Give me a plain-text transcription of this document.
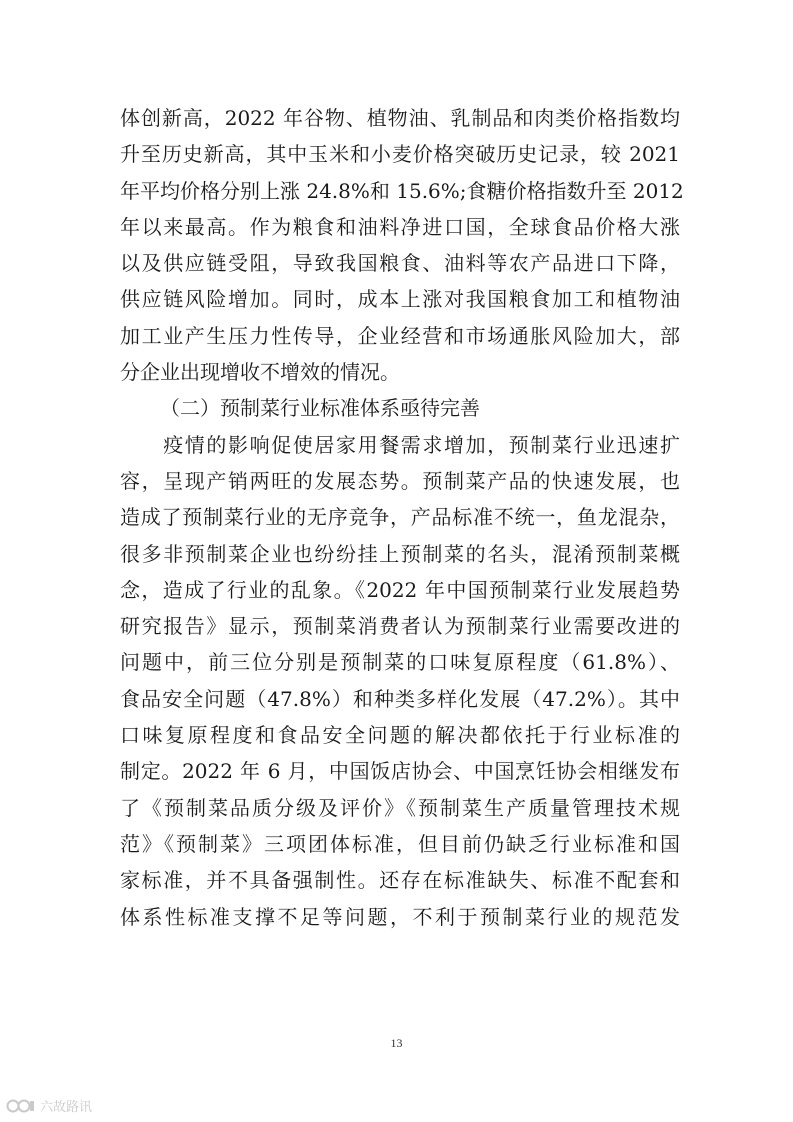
体创新高，2022 年谷物、植物油、乳制品和肉类价格指数均
升至历史新高，其中玉米和小麦价格突破历史记录，较 2021
年平均价格分别上涨 24.8%和 15.6%;食糖价格指数升至 2012
年以来最高。作为粮食和油料净进口国，全球食品价格大涨
以及供应链受阻，导致我国粮食、油料等农产品进口下降，
供应链风险增加。同时，成本上涨对我国粮食加工和植物油
加工业产生压力性传导，企业经营和市场通胀风险加大，部
分企业出现增收不增效的情况。
（二）预制菜行业标准体系亟待完善
　　疫情的影响促使居家用餐需求增加，预制菜行业迅速扩
容，呈现产销两旺的发展态势。预制菜产品的快速发展，也
造成了预制菜行业的无序竞争，产品标准不统一，鱼龙混杂，
很多非预制菜企业也纷纷挂上预制菜的名头，混淆预制菜概
念，造成了行业的乱象。《2022 年中国预制菜行业发展趋势
研究报告》显示，预制菜消费者认为预制菜行业需要改进的
问题中，前三位分别是预制菜的口味复原程度（61.8%）、
食品安全问题（47.8%）和种类多样化发展（47.2%）。其中
口味复原程度和食品安全问题的解决都依托于行业标准的
制定。2022 年 6 月，中国饭店协会、中国烹饪协会相继发布
了《预制菜品质分级及评价》《预制菜生产质量管理技术规
范》《预制菜》三项团体标准，但目前仍缺乏行业标准和国
家标准，并不具备强制性。还存在标准缺失、标准不配套和
体系性标准支撑不足等问题，不利于预制菜行业的规范发
13
六故路讯
